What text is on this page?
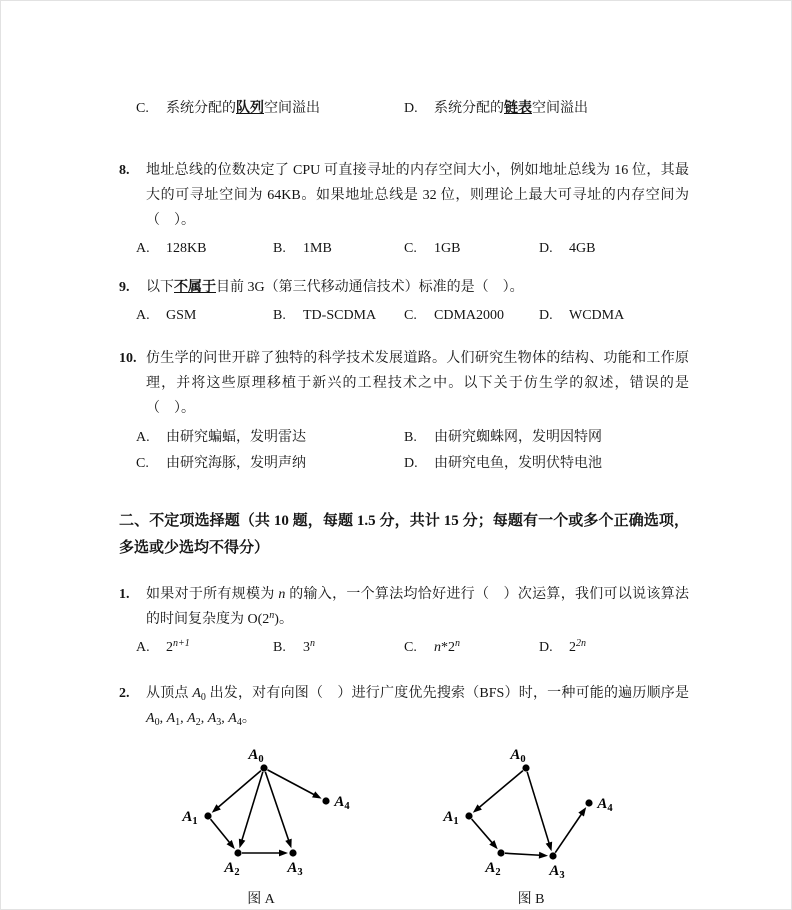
C. 系统分配的队列空间溢出	D. 系统分配的链表空间溢出
8.	地址总线的位数决定了 CPU 可直接寻址的内存空间大小，例如地址总线为 16 位，其最大的可寻址空间为 64KB。如果地址总线是 32 位，则理论上最大可寻址的内存空间为（　）。
A. 128KB	B. 1MB	C. 1GB	D. 4GB
9.	以下不属于目前 3G（第三代移动通信技术）标准的是（　）。
A. GSM	B. TD-SCDMA	C. CDMA2000	D. WCDMA
10. 仿生学的问世开辟了独特的科学技术发展道路。人们研究生物体的结构、功能和工作原理，并将这些原理移植于新兴的工程技术之中。以下关于仿生学的叙述，错误的是（　）。
A. 由研究蝙蝠，发明雷达	B. 由研究蜘蛛网，发明因特网
C. 由研究海豚，发明声纳	D. 由研究电鱼，发明伏特电池
二、不定项选择题（共 10 题，每题 1.5 分，共计 15 分；每题有一个或多个正确选项，多选或少选均不得分）
1.	如果对于所有规模为 n 的输入，一个算法均恰好进行（　）次运算，我们可以说该算法的时间复杂度为 O(2$^n$)。
A. $2^{n+1}$	B. 3$^n$	C. n*2$^n$	D. $2^{2n}$
2.	从顶点 $A_0$ 出发，对有向图（　）进行广度优先搜索（BFS）时，一种可能的遍历顺序是 $A_0$, $A_1$, $A_2$, $A_3$, $A_4$。
$A_0$
$A_1$
$A_4$
$A_2$	$A_3$
图 A
$A_0$
$A_1$
$A_4$
$A_2$	$A_3$
图 B
